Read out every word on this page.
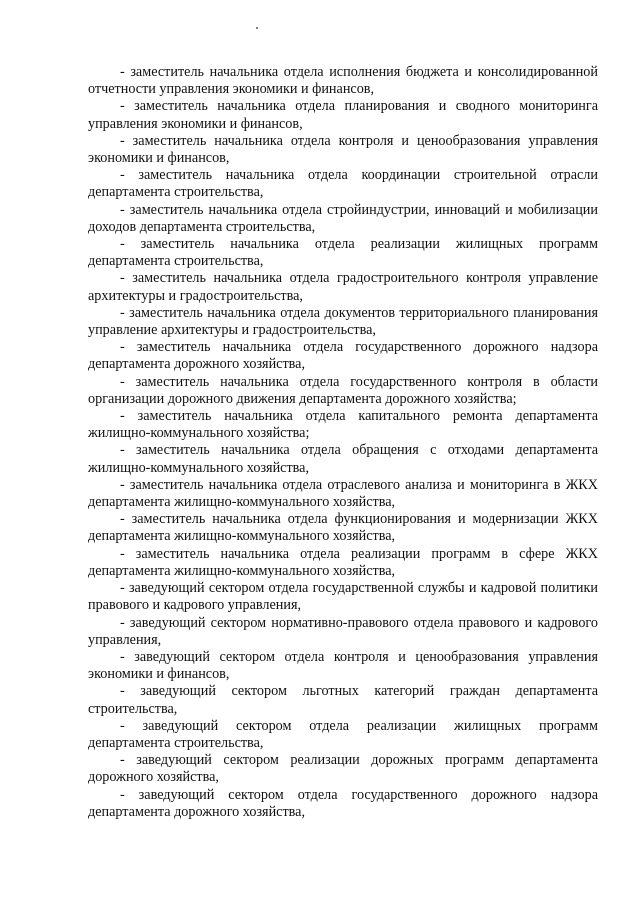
- заместитель начальника отдела исполнения бюджета и консолидированной отчетности управления экономики и финансов,

- заместитель начальника отдела планирования и сводного мониторинга управления экономики и финансов,

- заместитель начальника отдела контроля и ценообразования управления экономики и финансов,

- заместитель начальника отдела координации строительной отрасли департамента строительства,

- заместитель начальника отдела стройиндустрии, инноваций и мобилизации доходов департамента строительства,

- заместитель начальника отдела реализации жилищных программ департамента строительства,

- заместитель начальника отдела градостроительного контроля управление архитектуры и градостроительства,

- заместитель начальника отдела документов территориального планирования управление архитектуры и градостроительства,

- заместитель начальника отдела государственного дорожного надзора департамента дорожного хозяйства,

- заместитель начальника отдела государственного контроля в области организации дорожного движения департамента дорожного хозяйства;

- заместитель начальника отдела капитального ремонта департамента жилищно-коммунального хозяйства;

- заместитель начальника отдела обращения с отходами департамента жилищно-коммунального хозяйства,

- заместитель начальника отдела отраслевого анализа и мониторинга в ЖКХ департамента жилищно-коммунального хозяйства,

- заместитель начальника отдела функционирования и модернизации ЖКХ департамента жилищно-коммунального хозяйства,

- заместитель начальника отдела реализации программ в сфере ЖКХ департамента жилищно-коммунального хозяйства,

- заведующий сектором отдела государственной службы и кадровой политики правового и кадрового управления,

- заведующий сектором нормативно-правового отдела правового и кадрового управления,

- заведующий сектором отдела контроля и ценообразования управления экономики и финансов,

- заведующий сектором льготных категорий граждан департамента строительства,

- заведующий сектором отдела реализации жилищных программ департамента строительства,

- заведующий сектором реализации дорожных программ департамента дорожного хозяйства,

- заведующий сектором отдела государственного дорожного надзора департамента дорожного хозяйства,
